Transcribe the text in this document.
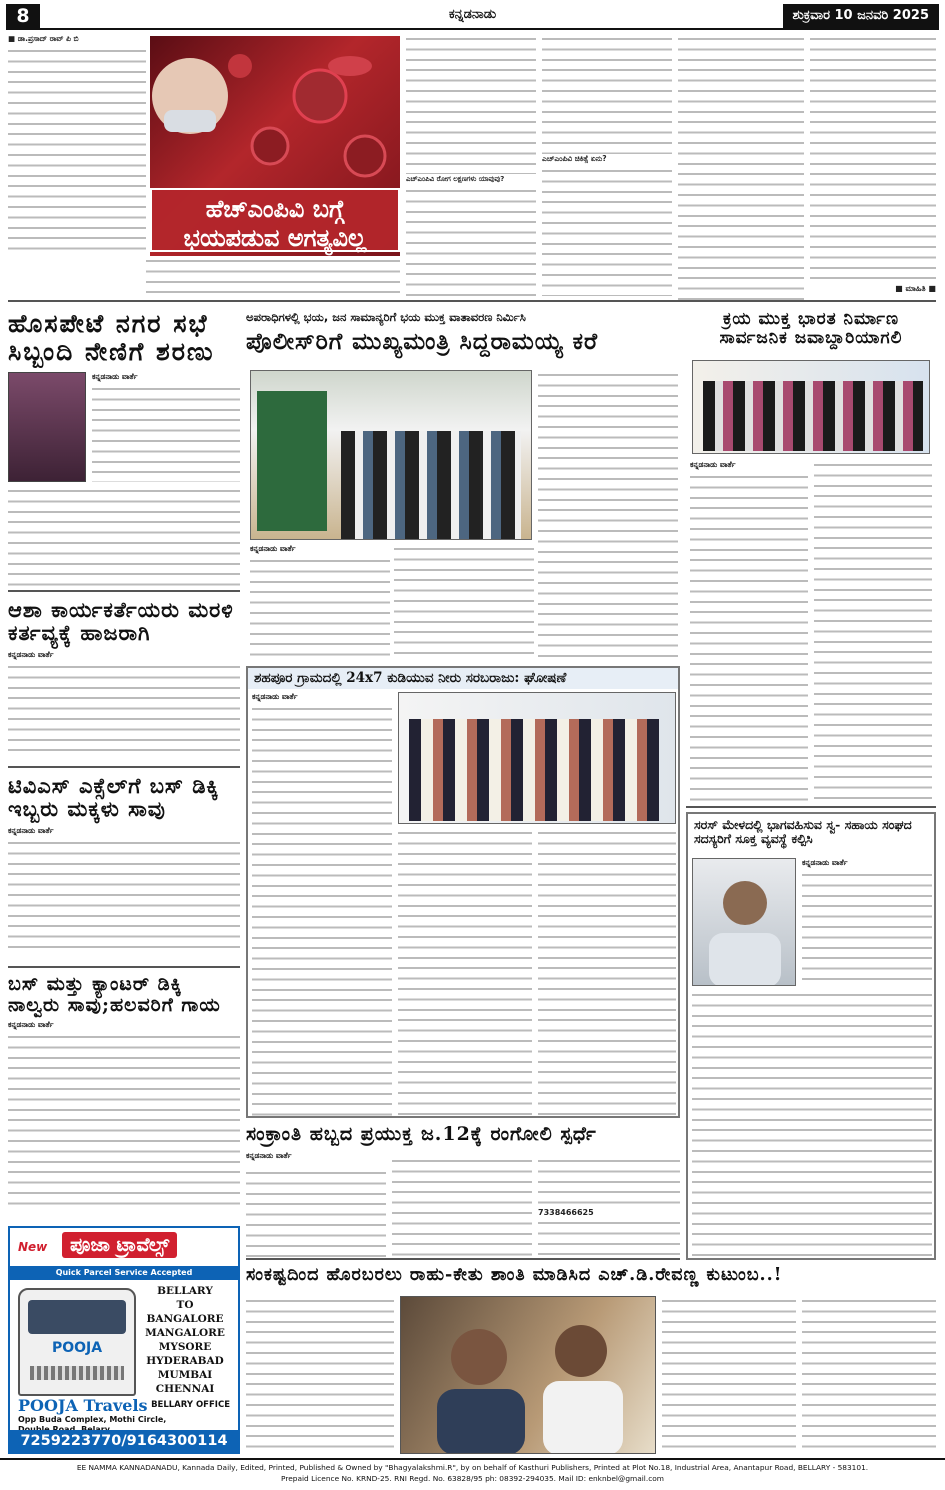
8	ಕನ್ನಡನಾಡು	ಶುಕ್ರವಾರ 10 ಜನವರಿ 2025
ಹೆಚ್‌ಎಂಪಿವಿ ಬಗ್ಗೆ
ಭಯಪಡುವ ಅಗತ್ಯವಿಲ್ಲ
■ ಡಾ.ಪ್ರಸಾದ್ ರಾವ್ ಪಿ ಬಿ
ಎಚ್‌ಎಂಪಿವಿ ರೋಗ ಲಕ್ಷಣಗಳು ಯಾವುವು?
ಎಚ್‌ಎಂಪಿವಿ ಚಿಕಿತ್ಸೆ ಏನು?
■ ಮಾಹಿತಿ ■
ಹೊಸಪೇಟೆ ನಗರ ಸಭೆ ಸಿಬ್ಬಂದಿ ನೇಣಿಗೆ ಶರಣು
ಕನ್ನಡನಾಡು ವಾರ್ತೆ
ಅಪರಾಧಿಗಳಲ್ಲಿ ಭಯ, ಜನ ಸಾಮಾನ್ಯರಿಗೆ ಭಯ ಮುಕ್ತ ವಾತಾವರಣ ನಿರ್ಮಿಸಿ
ಪೊಲೀಸ್‌ರಿಗೆ ಮುಖ್ಯಮಂತ್ರಿ ಸಿದ್ದರಾಮಯ್ಯ ಕರೆ
ಕನ್ನಡನಾಡು ವಾರ್ತೆ
ಕ್ರಯ ಮುಕ್ತ ಭಾರತ ನಿರ್ಮಾಣ ಸಾರ್ವಜನಿಕ ಜವಾಬ್ದಾರಿಯಾಗಲಿ
ಕನ್ನಡನಾಡು ವಾರ್ತೆ
ಆಶಾ ಕಾರ್ಯಕರ್ತೆಯರು ಮರಳಿ ಕರ್ತವ್ಯಕ್ಕೆ ಹಾಜರಾಗಿ
ಕನ್ನಡನಾಡು ವಾರ್ತೆ
ಶಹಪೂರ ಗ್ರಾಮದಲ್ಲಿ 24x7 ಕುಡಿಯುವ ನೀರು ಸರಬರಾಜು: ಘೋಷಣೆ
ಕನ್ನಡನಾಡು ವಾರ್ತೆ
ಟಿವಿಎಸ್ ಎಕ್ಸೆಲ್‌ಗೆ ಬಸ್ ಡಿಕ್ಕಿ ಇಬ್ಬರು ಮಕ್ಕಳು ಸಾವು
ಕನ್ನಡನಾಡು ವಾರ್ತೆ
ಬಸ್ ಮತ್ತು ಕ್ಯಾಂಟರ್ ಡಿಕ್ಕಿ ನಾಲ್ವರು ಸಾವು;ಹಲವರಿಗೆ ಗಾಯ
ಕನ್ನಡನಾಡು ವಾರ್ತೆ
ಸರಸ್ ಮೇಳದಲ್ಲಿ ಭಾಗವಹಿಸುವ ಸ್ವ- ಸಹಾಯ ಸಂಘದ ಸದಸ್ಯರಿಗೆ ಸೂಕ್ತ ವ್ಯವಸ್ಥೆ ಕಲ್ಪಿಸಿ
ಕನ್ನಡನಾಡು ವಾರ್ತೆ
ಸಂಕ್ರಾಂತಿ ಹಬ್ಬದ ಪ್ರಯುಕ್ತ ಜ.12ಕ್ಕೆ ರಂಗೋಲಿ ಸ್ಪರ್ಧೆ
ಕನ್ನಡನಾಡು ವಾರ್ತೆ
7338466625
ಸಂಕಷ್ಟದಿಂದ ಹೊರಬರಲು ರಾಹು-ಕೇತು ಶಾಂತಿ ಮಾಡಿಸಿದ ಎಚ್.ಡಿ.ರೇವಣ್ಣ ಕುಟುಂಬ..!
New	ಪೂಜಾ ಟ್ರಾವೆಲ್ಸ್
Quick Parcel Service Accepted
POOJA
BELLARY
TO
BANGALORE
MANGALORE
MYSORE
HYDERABAD
MUMBAI
CHENNAI
BELLARY OFFICE
POOJA Travels
Opp Buda Complex, Mothi Circle,
7259223770/9164300114
EE NAMMA KANNADANADU, Kannada Daily, Edited, Printed, Published & Owned by "Bhagyalakshmi.R", by on behalf of Kasthuri Publishers, Printed at Plot No.18, Industrial Area, Anantapur Road, BELLARY - 583101.
Prepaid Licence No. KRND-25. RNI Regd. No. 63828/95 ph: 08392-294035. Mail ID: enknbel@gmail.com
